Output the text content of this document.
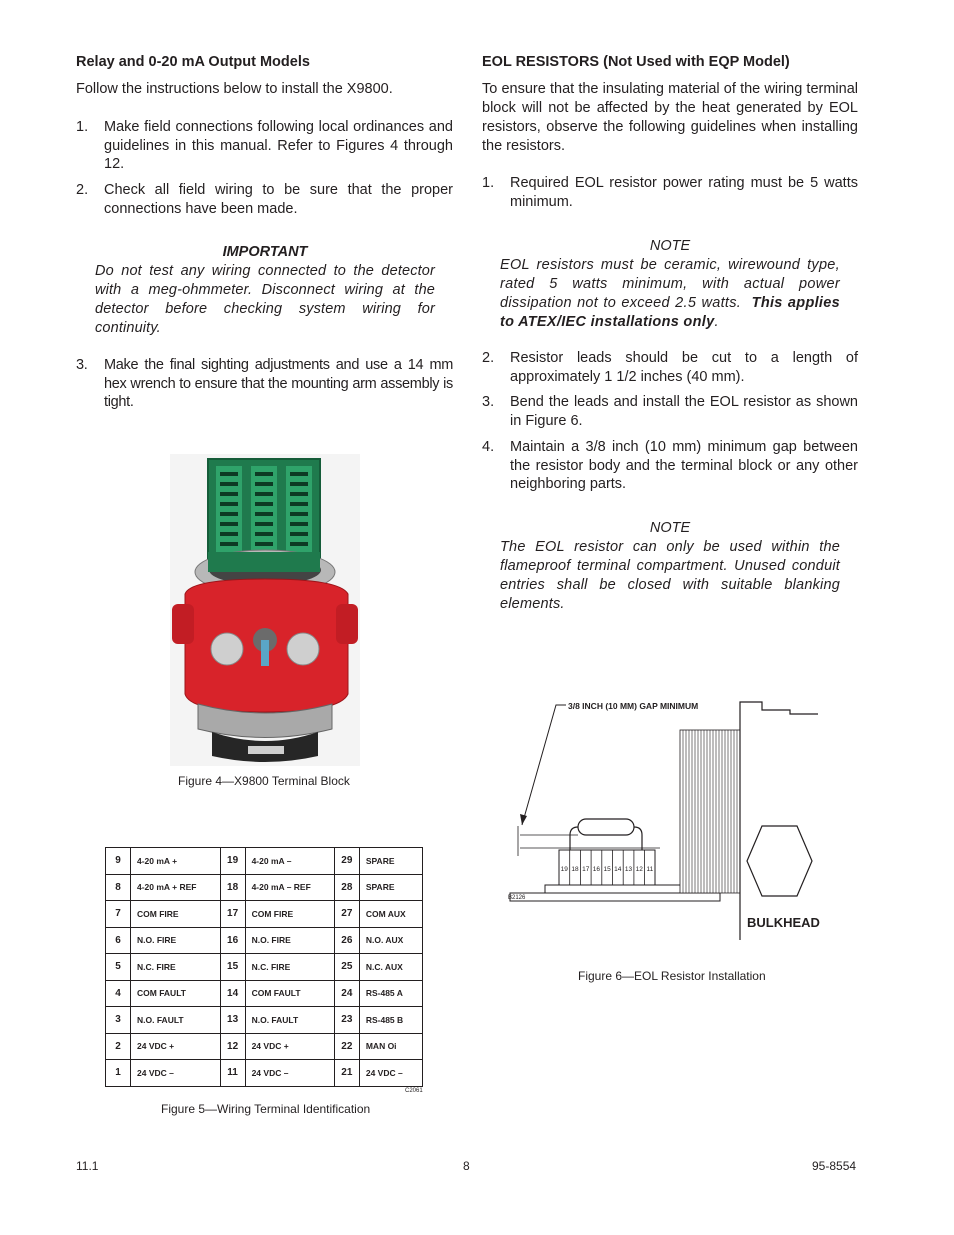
Relay and 0-20 mA Output Models
Follow the instructions below to install the X9800.
1. Make field connections following local ordinances and guidelines in this manual. Refer to Figures 4 through 12.
2. Check all field wiring to be sure that the proper connections have been made.
IMPORTANT
Do not test any wiring connected to the detector with a meg-ohmmeter. Disconnect wiring at the detector before checking system wiring for continuity.
3. Make the final sighting adjustments and use a 14 mm hex wrench to ensure that the mounting arm assembly is tight.
Figure 4—X9800 Terminal Block
9	4-20 mA +	19	4-20 mA –	29	SPARE
8	4-20 mA + REF	18	4-20 mA – REF	28	SPARE
7	COM FIRE	17	COM FIRE	27	COM AUX
6	N.O. FIRE	16	N.O. FIRE	26	N.O. AUX
5	N.C. FIRE	15	N.C. FIRE	25	N.C. AUX
4	COM FAULT	14	COM FAULT	24	RS-485 A
3	N.O. FAULT	13	N.O. FAULT	23	RS-485 B
2	24 VDC +	12	24 VDC +	22	MAN Oi
1	24 VDC –	11	24 VDC –	21	24 VDC –
C2061
Figure 5—Wiring Terminal Identification
EOL RESISTORS (Not Used with EQP Model)
To ensure that the insulating material of the wiring terminal block will not be affected by the heat generated by EOL resistors, observe the following guidelines when installing the resistors.
1. Required EOL resistor power rating must be 5 watts minimum.
NOTE
EOL resistors must be ceramic, wirewound type, rated 5 watts minimum, with actual power dissipation not to exceed 2.5 watts. This applies to ATEX/IEC installations only.
2. Resistor leads should be cut to a length of approximately 1 1/2 inches (40 mm).
3. Bend the leads and install the EOL resistor as shown in Figure 6.
4. Maintain a 3/8 inch (10 mm) minimum gap between the resistor body and the terminal block or any other neighboring parts.
NOTE
The EOL resistor can only be used within the flameproof terminal compartment. Unused conduit entries shall be closed with suitable blanking elements.
3/8 INCH (10 MM) GAP MINIMUM
19 18 17 16 15 14 13 12 11
B2126
BULKHEAD
Figure 6—EOL Resistor Installation
11.1	8	95-8554
